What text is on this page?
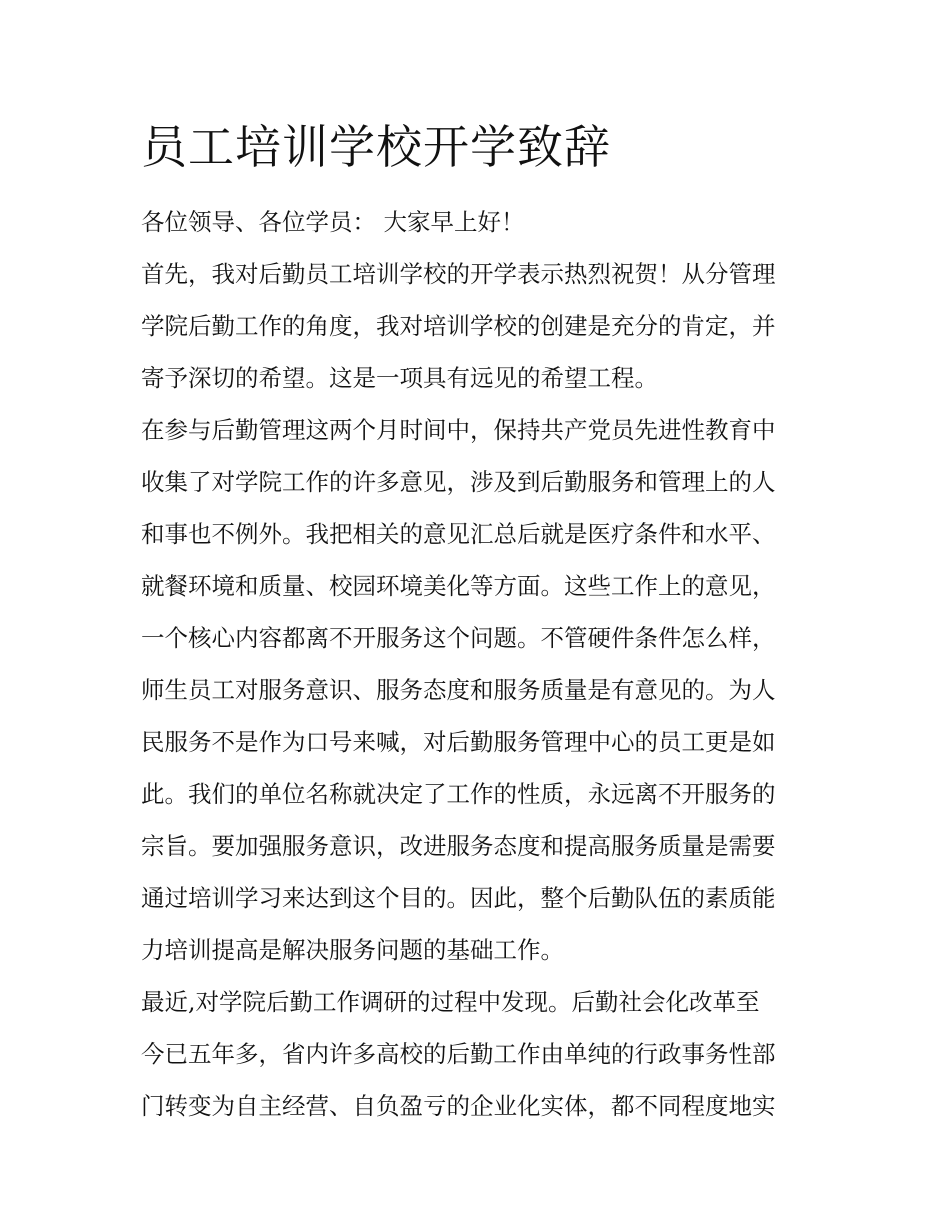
员工培训学校开学致辞
各位领导、各位学员： 大家早上好！
首先，我对后勤员工培训学校的开学表示热烈祝贺！从分管理
学院后勤工作的角度，我对培训学校的创建是充分的肯定，并
寄予深切的希望。这是一项具有远见的希望工程。
在参与后勤管理这两个月时间中，保持共产党员先进性教育中
收集了对学院工作的许多意见，涉及到后勤服务和管理上的人
和事也不例外。我把相关的意见汇总后就是医疗条件和水平、
就餐环境和质量、校园环境美化等方面。这些工作上的意见，
一个核心内容都离不开服务这个问题。不管硬件条件怎么样，
师生员工对服务意识、服务态度和服务质量是有意见的。为人
民服务不是作为口号来喊，对后勤服务管理中心的员工更是如
此。我们的单位名称就决定了工作的性质，永远离不开服务的
宗旨。要加强服务意识，改进服务态度和提高服务质量是需要
通过培训学习来达到这个目的。因此，整个后勤队伍的素质能
力培训提高是解决服务问题的基础工作。
最近,对学院后勤工作调研的过程中发现。后勤社会化改革至
今已五年多，省内许多高校的后勤工作由单纯的行政事务性部
门转变为自主经营、自负盈亏的企业化实体，都不同程度地实
